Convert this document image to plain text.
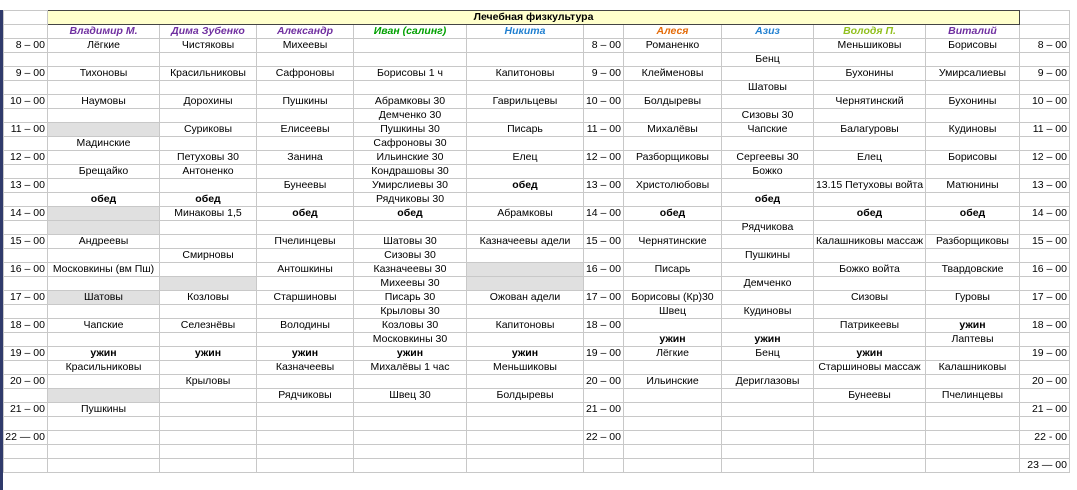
	Лечебная физкультура										
	Владимир М.	Дима Зубенко	Александр	Иван (салинг)	Никита		Алеся	Азиз	Володя П.	Виталий	
8 – 00	Лёгкие	Чистяковы	Михеевы			8 – 00	Романенко		Меньшиковы	Борисовы	8 – 00
								Бенц			
9 – 00	Тихоновы	Красильниковы	Сафроновы	Борисовы 1 ч	Капитоновы	9 – 00	Клейменовы		Бухонины	Умирсалиевы	9 – 00
								Шатовы			
10 – 00	Наумовы	Дорохины	Пушкины	Абрамковы 30	Гаврильцевы	10 – 00	Болдыревы		Чернятинский	Бухонины	10 – 00
				Демченко 30				Сизовы 30			
11 – 00		Суриковы	Елисеевы	Пушкины 30	Писарь	11 – 00	Михалёвы	Чапские	Балагуровы	Кудиновы	11 – 00
	Мадинские			Сафроновы 30							
12 – 00		Петуховы 30	Занина	Ильинские 30	Елец	12 – 00	Разборщиковы	Сергеевы 30	Елец	Борисовы	12 – 00
	Брещайко	Антоненко		Кондрашовы 30				Божко			
13 – 00			Бунеевы	Умирслиевы 30	обед	13 – 00	Христолюбовы		13.15 Петуховы войта	Матюнины	13 – 00
	обед	обед		Рядчиковы 30				обед			
14 – 00		Минаковы 1,5	обед	обед	Абрамковы	14 – 00	обед		обед	обед	14 – 00
								Рядчикова			
15 – 00	Андреевы		Пчелинцевы	Шатовы 30	Казначеевы адели	15 – 00	Чернятинские		Калашниковы массаж	Разборщиковы	15 – 00
		Смирновы		Сизовы 30				Пушкины			
16 – 00	Московкины (вм Пш)		Антошкины	Казначеевы 30		16 – 00	Писарь		Божко войта	Твардовские	16 – 00
				Михеевы 30				Демченко			
17 – 00	Шатовы	Козловы	Старшиновы	Писарь 30	Ожован адели	17 – 00	Борисовы (Кр)30		Сизовы	Гуровы	17 – 00
				Крыловы 30			Швец	Кудиновы			
18 – 00	Чапские	Селезнёвы	Володины	Козловы 30	Капитоновы	18 – 00			Патрикеевы	ужин	18 – 00
				Московкины 30			ужин	ужин		Лаптевы	
19 – 00	ужин	ужин	ужин	ужин	ужин	19 – 00	Лёгкие	Бенц	ужин		19 – 00
	Красильниковы		Казначеевы	Михалёвы 1 час	Меньшиковы				Старшиновы массаж	Калашниковы	
20 – 00		Крыловы				20 – 00	Ильинские	Дериглазовы			20 – 00
			Рядчиковы	Швец 30	Болдыревы				Бунеевы	Пчелинцевы	
21 – 00	Пушкины					21 – 00					21 – 00

22 — 00						22 – 00					22 - 00

											23 — 00
